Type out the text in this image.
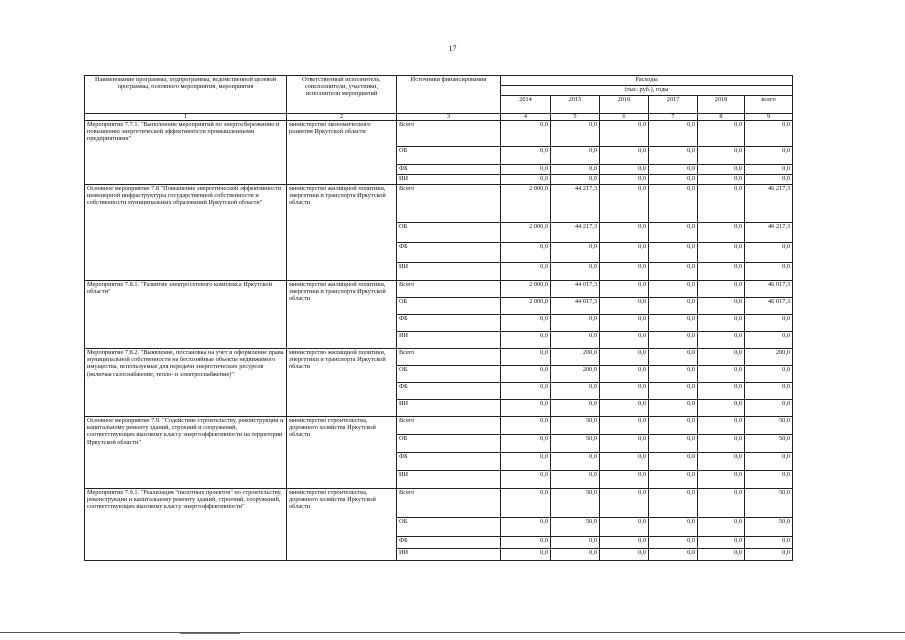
17
Наименование программы, подпрограммы, ведомственной целевой программы, основного мероприятия, мероприятия	Ответственный исполнитель, соисполнители, участники, исполнители мероприятий	Источники финансирования	Расходы					
			(тыс. руб.), годы					
			2014	2015	2016	2017	2018	всего
1	2	3	4	5	6	7	8	9
Мероприятие 7.7.1. "Выполнение мероприятий по энергосбережению и повышению энергетической эффективности промышленными предприятиями"	министерство экономического развития Иркутской области	Всего	0,0	0,0	0,0	0,0	0,0	0,0
		ОБ	0,0	0,0	0,0	0,0	0,0	0,0
		ФБ	0,0	0,0	0,0	0,0	0,0	0,0
		ИИ	0,0	0,0	0,0	0,0	0,0	0,0
Основное мероприятие 7.8 "Повышение энергетической эффективности инженерной инфраструктуры государственной собственности и собственности муниципальных образований Иркутской области"	министерство жилищной политики, энергетики и транспорта Иркутской области	Всего	2 000,0	44 217,3	0,0	0,0	0,0	46 217,3
		ОБ	2 000,0	44 217,3	0,0	0,0	0,0	46 217,3
		ФБ	0,0	0,0	0,0	0,0	0,0	0,0
		ИИ	0,0	0,0	0,0	0,0	0,0	0,0
Мероприятие 7.8.1. "Развитие электросетевого комплекса Иркутской области"	министерство жилищной политики, энергетики и транспорта Иркутской области	Всего	2 000,0	44 017,3	0,0	0,0	0,0	46 017,3
		ОБ	2 000,0	44 017,3	0,0	0,0	0,0	46 017,3
		ФБ	0,0	0,0	0,0	0,0	0,0	0,0
		ИИ	0,0	0,0	0,0	0,0	0,0	0,0
Мероприятие 7.8.2. "Выявление, постановка на учет и оформление права муниципальной собственности на бесхозяйные объекты недвижимого имущества, используемые для передачи энергетических ресурсов (включая газоснабжение, тепло- и электроснабжение)"	министерство жилищной политики, энергетики и транспорта Иркутской области	Всего	0,0	200,0	0,0	0,0	0,0	200,0
		ОБ	0,0	200,0	0,0	0,0	0,0	0,0
		ФБ	0,0	0,0	0,0	0,0	0,0	0,0
		ИИ	0,0	0,0	0,0	0,0	0,0	0,0
Основное мероприятие 7.9. "Содействие строительству, реконструкции и капитальному ремонту зданий, строений и сооружений, соответствующих высокому классу энергоэффективности на территории Иркутской области"	министерство строительства, дорожного хозяйства Иркутской области	Всего	0,0	50,0	0,0	0,0	0,0	50,0
		ОБ	0,0	50,0	0,0	0,0	0,0	50,0
		ФБ	0,0	0,0	0,0	0,0	0,0	0,0
		ИИ	0,0	0,0	0,0	0,0	0,0	0,0
Мероприятие 7.9.1. "Реализация "пилотных проектов" по строительству, реконструкции и капитальному ремонту зданий, строений, сооружений, соответствующих высокому классу энергоэффективности"	министерство строительства, дорожного хозяйства Иркутской области	Всего	0,0	50,0	0,0	0,0	0,0	50,0
		ОБ	0,0	50,0	0,0	0,0	0,0	50,0
		ФБ	0,0	0,0	0,0	0,0	0,0	0,0
		ИИ	0,0	0,0	0,0	0,0	0,0	0,0
